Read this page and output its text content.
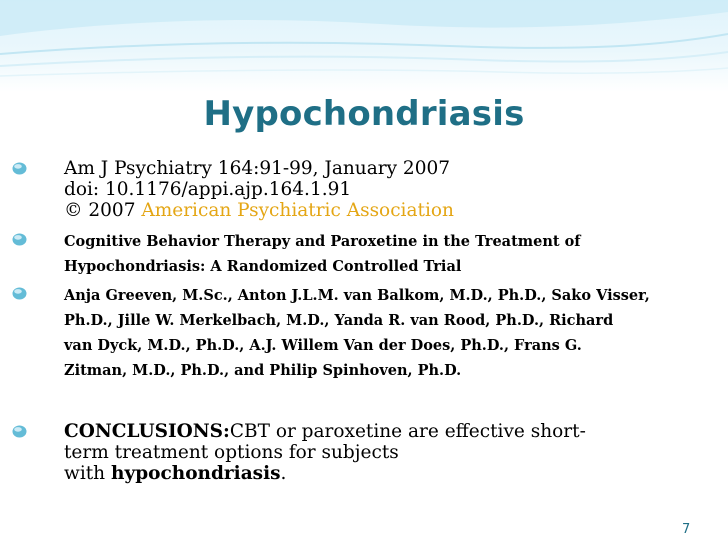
Hypochondriasis
Am J Psychiatry 164:91-99, January 2007
doi: 10.1176/appi.ajp.164.1.91
© 2007 American Psychiatric Association
Cognitive Behavior Therapy and Paroxetine in the Treatment of
Hypochondriasis: A Randomized Controlled Trial
Anja Greeven, M.Sc., Anton J.L.M. van Balkom, M.D., Ph.D., Sako Visser,
Ph.D., Jille W. Merkelbach, M.D., Yanda R. van Rood, Ph.D., Richard
van Dyck, M.D., Ph.D., A.J. Willem Van der Does, Ph.D., Frans G.
Zitman, M.D., Ph.D., and Philip Spinhoven, Ph.D.
CONCLUSIONS:CBT or paroxetine are effective short-
term treatment options for subjects
with hypochondriasis.
7
